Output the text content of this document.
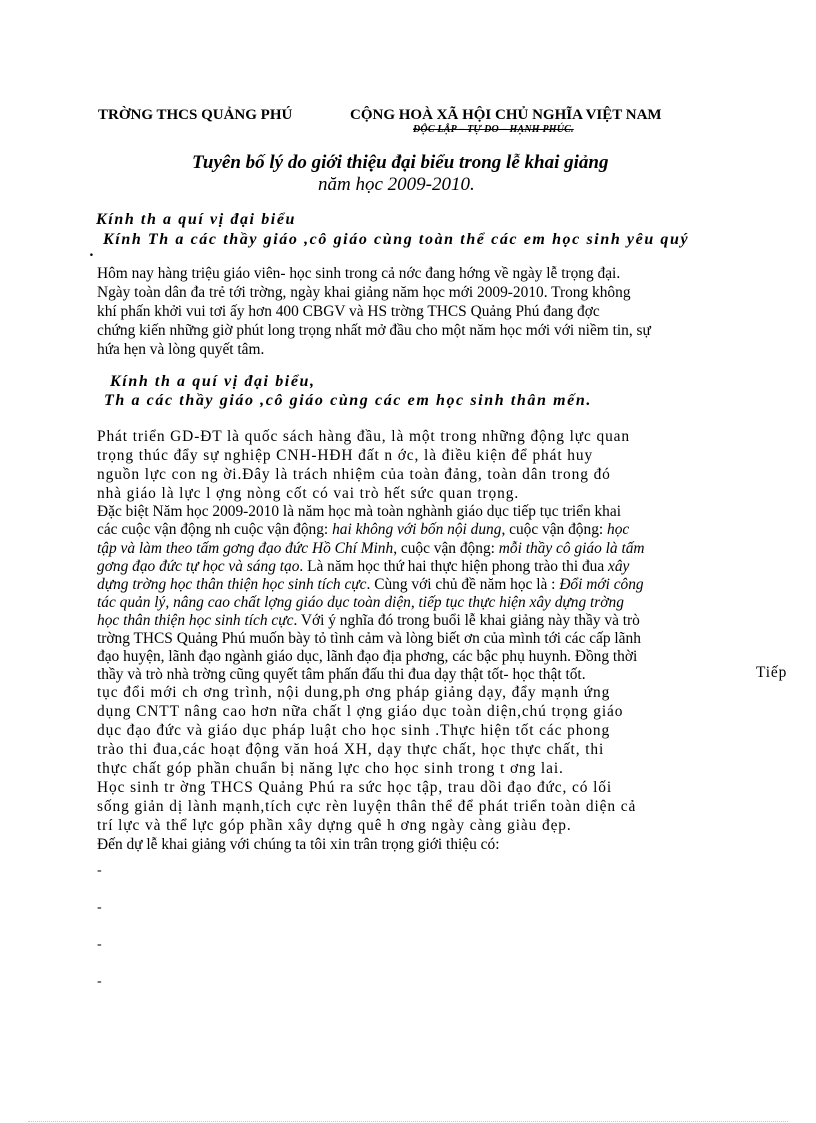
TRỜNG THCS QUẢNG PHÚ	CỘNG HOÀ XÃ HỘI CHỦ NGHĨA VIỆT NAM
ĐỘC LẬP – TỰ DO – HẠNH PHÚC.
Tuyên bố lý do giới thiệu đại biểu trong lễ khai giảng
năm học 2009-2010.
Kính th a quí vị đại biểu
Kính Th a các thầy giáo ,cô giáo cùng toàn thể các em học sinh yêu quý
.
Hôm nay hàng triệu giáo viên- học sinh trong cả nớc đang hớng về ngày lễ trọng đại.
Ngày toàn dân đa trẻ tới trờng, ngày khai giảng năm học mới 2009-2010. Trong không
khí phấn khởi vui tơi ấy hơn 400 CBGV và HS trờng THCS Quảng Phú đang đợc
chứng kiến những giờ phút long trọng nhất mở đầu cho một năm học mới với niềm tin, sự
hứa hẹn và lòng quyết tâm.
Kính th a quí vị đại biểu,
Th a các thầy giáo ,cô giáo cùng các em học sinh thân mến.
Phát triển GD-ĐT là quốc sách hàng đầu, là một trong những động lực quan
trọng thúc đẩy sự nghiệp CNH-HĐH đất n ớc, là điều kiện để phát huy
nguồn lực con ng ời.Đây là trách nhiệm của toàn đảng, toàn dân trong đó
nhà giáo là lực l ợng nòng cốt có vai trò hết sức quan trọng.
Đặc biệt Năm học 2009-2010 là năm học mà toàn nghành giáo dục tiếp tục triển khai
các cuộc vận động nh cuộc vận động: hai không với bốn nội dung, cuộc vận động: học
tập và làm theo tấm gơng đạo đức Hồ Chí Minh, cuộc vận động: mỗi thầy cô giáo là tấm
gơng đạo đức tự học và sáng tạo. Là năm học thứ hai thực hiện phong trào thi đua xây
dựng trờng học thân thiện học sinh tích cực. Cùng với chủ đề năm học là : Đổi mới công
tác quản lý, nâng cao chất lợng giáo dục toàn diện, tiếp tục thực hiện xây dựng trờng
học thân thiện học sinh tích cực. Với ý nghĩa đó trong buổi lễ khai giảng này thầy và trò
trờng THCS Quảng Phú muốn bày tỏ tình cảm và lòng biết ơn của mình tới các cấp lãnh
đạo huyện, lãnh đạo ngành giáo dục, lãnh đạo địa phơng, các bậc phụ huynh. Đồng thời
thầy và trò nhà trờng cũng quyết tâm phấn đấu thi đua dạy thật tốt- học thật tốt.	Tiếp
tục đổi mới ch ơng trình, nội dung,ph ơng pháp giảng dạy, đẩy mạnh ứng
dụng CNTT nâng cao hơn nữa chất l ợng giáo dục toàn diện,chú trọng giáo
dục đạo đức và giáo dục pháp luật cho học sinh .Thực hiện tốt các phong
trào thi đua,các hoạt động văn hoá XH, dạy thực chất, học thực chất, thi
thực chất góp phần chuẩn bị năng lực cho học sinh trong t ơng lai.
Học sinh tr ờng THCS Quảng Phú ra sức học tập, trau dồi đạo đức, có lối
sống giản dị lành mạnh,tích cực rèn luyện thân thể để phát triển toàn diện cả
trí lực và thể lực góp phần xây dựng quê h ơng ngày càng giàu đẹp.
Đến dự lễ khai giảng với chúng ta tôi xin trân trọng giới thiệu có:
-
-
-
-
